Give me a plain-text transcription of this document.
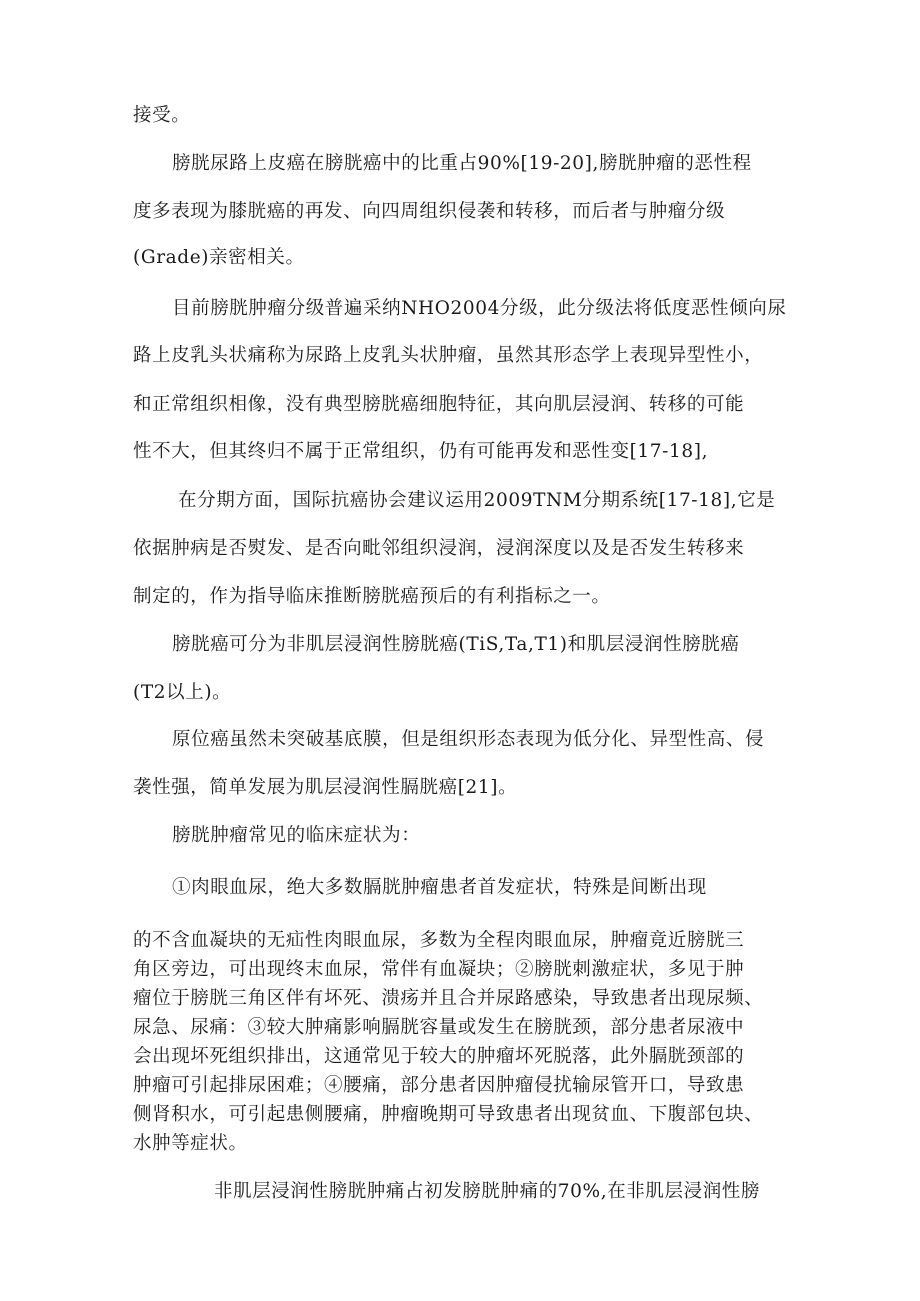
接受。
膀胱尿路上皮癌在膀胱癌中的比重占90%[19-20],膀胱肿瘤的恶性程
度多表现为膝胱癌的再发、向四周组织侵袭和转移，而后者与肿瘤分级
(Grade)亲密相关。
目前膀胱肿瘤分级普遍采纳NHO2004分级，此分级法将低度恶性倾向尿
路上皮乳头状痛称为尿路上皮乳头状肿瘤，虽然其形态学上表现异型性小，
和正常组织相像，没有典型膀胱癌细胞特征，其向肌层浸润、转移的可能
性不大，但其终归不属于正常组织，仍有可能再发和恶性变[17-18],
在分期方面，国际抗癌协会建议运用2009TNM分期系统[17-18],它是
依据肿病是否熨发、是否向毗邻组织浸润，浸润深度以及是否发生转移来
制定的，作为指导临床推断膀胱癌预后的有利指标之一。
膀胱癌可分为非肌层浸润性膀胱癌(TiS,Ta,T1)和肌层浸润性膀胱癌
(T2以上)。
原位癌虽然未突破基底膜，但是组织形态表现为低分化、异型性高、侵
袭性强，简单发展为肌层浸润性膈胱癌[21]。
膀胱肿瘤常见的临床症状为：
①肉眼血尿，绝大多数膈胱肿瘤患者首发症状，特殊是间断出现
的不含血凝块的无疝性肉眼血尿，多数为全程肉眼血尿，肿瘤竟近膀胱三
角区旁边，可出现终末血尿，常伴有血凝块；②膀胱刺激症状，多见于肿
瘤位于膀胱三角区伴有坏死、溃疡并且合并尿路感染，导致患者出现尿频、
尿急、尿痛：③较大肿痛影响膈胱容量或发生在膀胱颈，部分患者尿液中
会出现坏死组织排出，这通常见于较大的肿瘤坏死脱落，此外膈胱颈部的
肿瘤可引起排尿困难；④腰痛，部分患者因肿瘤侵扰输尿管开口，导致患
侧肾积水，可引起患侧腰痛，肿瘤晚期可导致患者出现贫血、下腹部包块、
水肿等症状。
非肌层浸润性膀胱肿痛占初发膀胱肿痛的70%,在非肌层浸润性膀
